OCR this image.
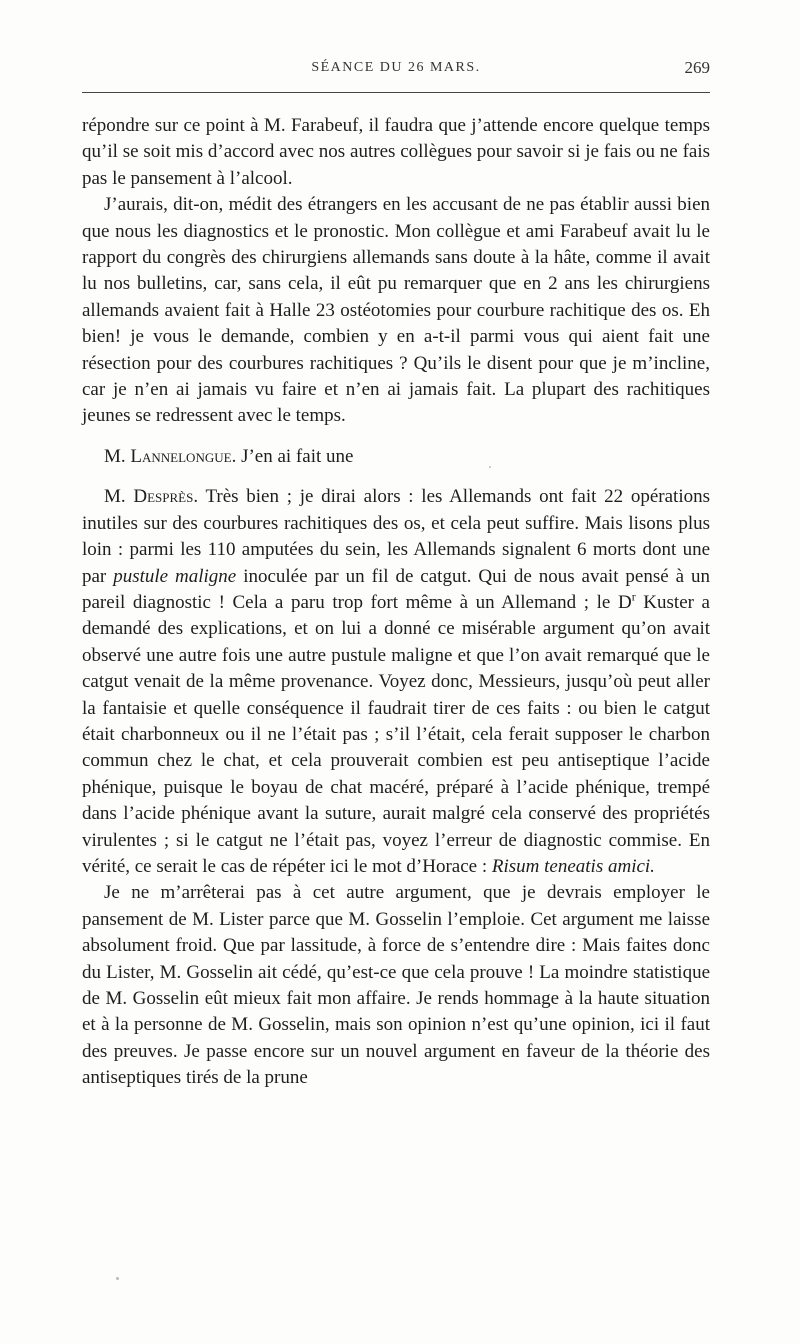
SÉANCE DU 26 MARS.	269

répondre sur ce point à M. Farabeuf, il faudra que j’attende encore quelque temps qu’il se soit mis d’accord avec nos autres collègues pour savoir si je fais ou ne fais pas le pansement à l’alcool.

J’aurais, dit-on, médit des étrangers en les accusant de ne pas établir aussi bien que nous les diagnostics et le pronostic. Mon collègue et ami Farabeuf avait lu le rapport du congrès des chirurgiens allemands sans doute à la hâte, comme il avait lu nos bulletins, car, sans cela, il eût pu remarquer que en 2 ans les chirurgiens allemands avaient fait à Halle 23 ostéotomies pour courbure rachitique des os. Eh bien! je vous le demande, combien y en a-t-il parmi vous qui aient fait une résection pour des courbures rachitiques ? Qu’ils le disent pour que je m’incline, car je n’en ai jamais vu faire et n’en ai jamais fait. La plupart des rachitiques jeunes se redressent avec le temps.

M. Lannelongue. J’en ai fait une

M. Desprès. Très bien ; je dirai alors : les Allemands ont fait 22 opérations inutiles sur des courbures rachitiques des os, et cela peut suffire. Mais lisons plus loin : parmi les 110 amputées du sein, les Allemands signalent 6 morts dont une par pustule maligne inoculée par un fil de catgut. Qui de nous avait pensé à un pareil diagnostic ! Cela a paru trop fort même à un Allemand ; le $D^r$ Kuster a demandé des explications, et on lui a donné ce misérable argument qu’on avait observé une autre fois une autre pustule maligne et que l’on avait remarqué que le catgut venait de la même provenance. Voyez donc, Messieurs, jusqu’où peut aller la fantaisie et quelle conséquence il faudrait tirer de ces faits : ou bien le catgut était charbonneux ou il ne l’était pas ; s’il l’était, cela ferait supposer le charbon commun chez le chat, et cela prouverait combien est peu antiseptique l’acide phénique, puisque le boyau de chat macéré, préparé à l’acide phénique, trempé dans l’acide phénique avant la suture, aurait malgré cela conservé des propriétés virulentes ; si le catgut ne l’était pas, voyez l’erreur de diagnostic commise. En vérité, ce serait le cas de répéter ici le mot d’Horace : Risum teneatis amici.

Je ne m’arrêterai pas à cet autre argument, que je devrais employer le pansement de M. Lister parce que M. Gosselin l’emploie. Cet argument me laisse absolument froid. Que par lassitude, à force de s’entendre dire : Mais faites donc du Lister, M. Gosselin ait cédé, qu’est-ce que cela prouve ! La moindre statistique de M. Gosselin eût mieux fait mon affaire. Je rends hommage à la haute situation et à la personne de M. Gosselin, mais son opinion n’est qu’une opinion, ici il faut des preuves. Je passe encore sur un nouvel argument en faveur de la théorie des antiseptiques tirés de la prune
